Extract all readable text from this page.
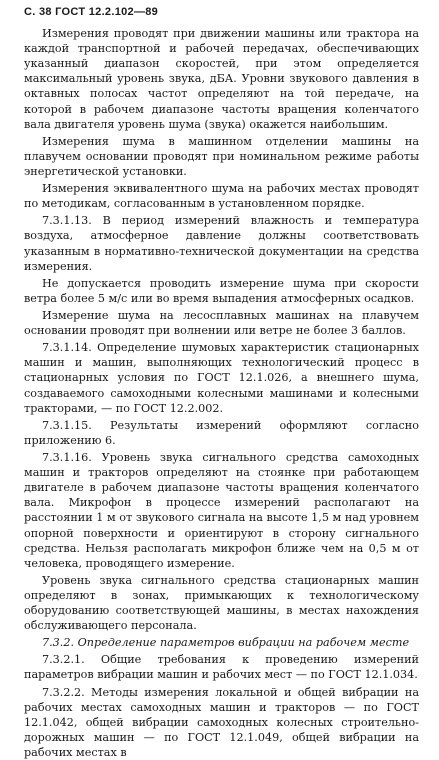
С. 38 ГОСТ 12.2.102—89

Измерения проводят при движении машины или трактора на каждой транспортной и рабочей передачах, обеспечивающих указанный диапазон скоростей, при этом определяется максимальный уровень звука, дБА. Уровни звукового давления в октавных полосах частот определяют на той передаче, на которой в рабочем диапазоне частоты вращения коленчатого вала двигателя уровень шума (звука) окажется наибольшим.

Измерения шума в машинном отделении машины на плавучем основании проводят при номинальном режиме работы энергетической установки.

Измерения эквивалентного шума на рабочих местах проводят по методикам, согласованным в установленном порядке.

7.3.1.13. В период измерений влажность и температура воздуха, атмосферное давление должны соответствовать указанным в нормативно-технической документации на средства измерения.

Не допускается проводить измерение шума при скорости ветра более 5 м/с или во время выпадения атмосферных осадков.

Измерение шума на лесосплавных машинах на плавучем основании проводят при волнении или ветре не более 3 баллов.

7.3.1.14. Определение шумовых характеристик стационарных машин и машин, выполняющих технологический процесс в стационарных условия по ГОСТ 12.1.026, а внешнего шума, создаваемого самоходными колесными машинами и колесными тракторами, — по ГОСТ 12.2.002.

7.3.1.15. Результаты измерений оформляют согласно приложению 6.

7.3.1.16. Уровень звука сигнального средства самоходных машин и тракторов определяют на стоянке при работающем двигателе в рабочем диапазоне частоты вращения коленчатого вала. Микрофон в процессе измерений располагают на расстоянии 1 м от звукового сигнала на высоте 1,5 м над уровнем опорной поверхности и ориентируют в сторону сигнального средства. Нельзя располагать микрофон ближе чем на 0,5 м от человека, проводящего измерение.

Уровень звука сигнального средства стационарных машин определяют в зонах, примыкающих к технологическому оборудованию соответствующей машины, в местах нахождения обслуживающего персонала.

7.3.2. Определение параметров вибрации на рабочем месте

7.3.2.1. Общие требования к проведению измерений параметров вибрации машин и рабочих мест — по ГОСТ 12.1.034.

7.3.2.2. Методы измерения локальной и общей вибрации на рабочих местах самоходных машин и тракторов — по ГОСТ 12.1.042, общей вибрации самоходных колесных строительно-дорожных машин — по ГОСТ 12.1.049, общей вибрации на рабочих местах в
